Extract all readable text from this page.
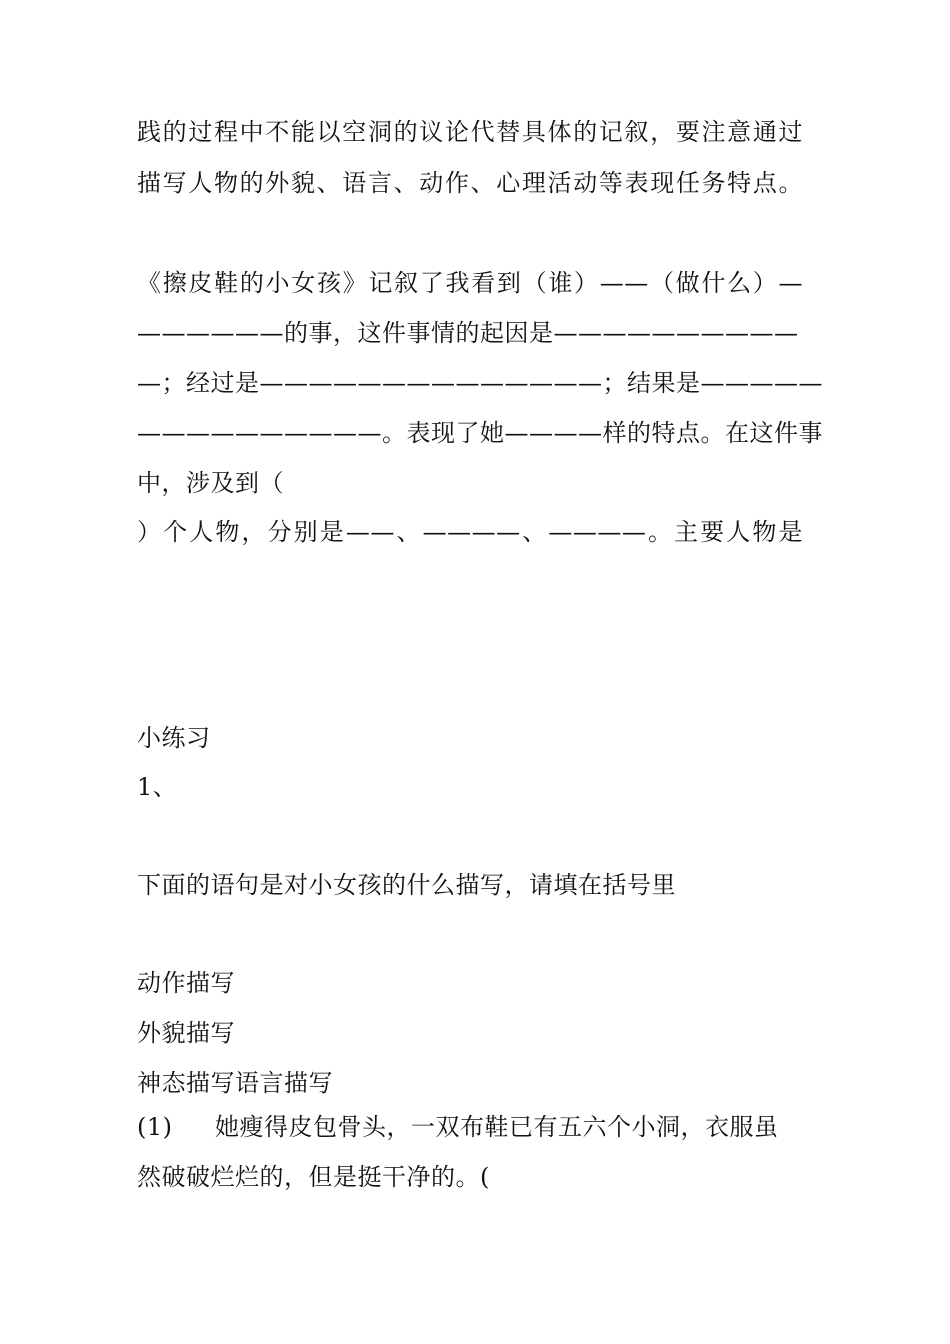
践的过程中不能以空洞的议论代替具体的记叙，要注意通过
描写人物的外貌、语言、动作、心理活动等表现任务特点。
《擦皮鞋的小女孩》记叙了我看到（谁）——（做什么）—
——————的事，这件事情的起因是——————————
—；经过是——————————————；结果是—————
——————————。表现了她————样的特点。在这件事
中，涉及到（
）个人物，分别是——、————、————。主要人物是
小练习
1、
下面的语句是对小女孩的什么描写，请填在括号里
动作描写
外貌描写
神态描写语言描写
(1) 她瘦得皮包骨头，一双布鞋已有五六个小洞，衣服虽
然破破烂烂的，但是挺干净的。(
